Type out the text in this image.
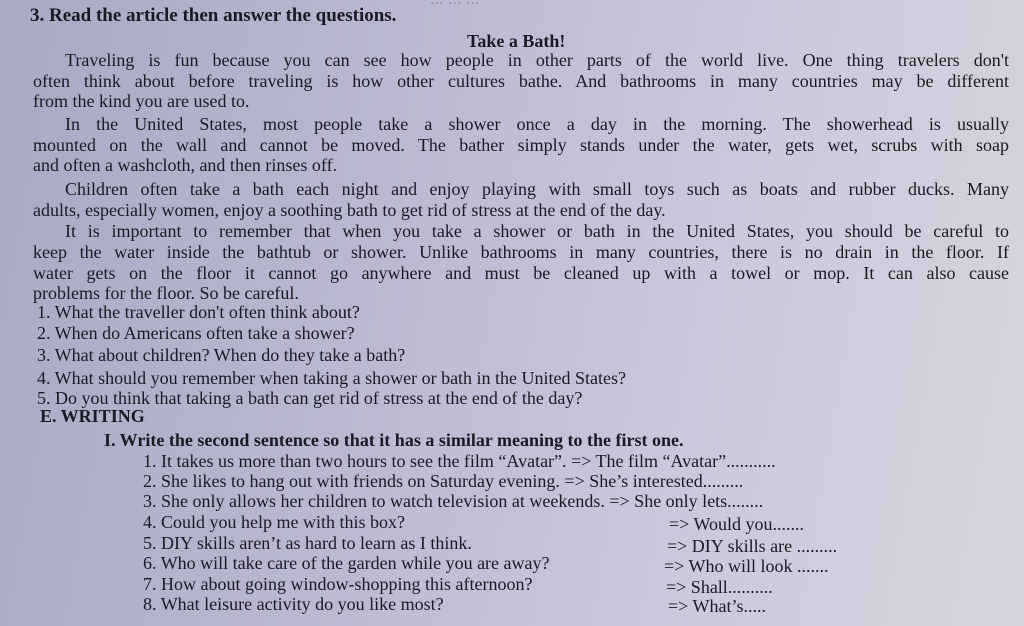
3. Read the article then answer the questions.
Take a Bath!
Traveling is fun because you can see how people in other parts of the world live. One thing travelers don't
often think about before traveling is how other cultures bathe. And bathrooms in many countries may be different
from the kind you are used to.
In the United States, most people take a shower once a day in the morning. The showerhead is usually
mounted on the wall and cannot be moved. The bather simply stands under the water, gets wet, scrubs with soap
and often a washcloth, and then rinses off.
Children often take a bath each night and enjoy playing with small toys such as boats and rubber ducks. Many
adults, especially women, enjoy a soothing bath to get rid of stress at the end of the day.
It is important to remember that when you take a shower or bath in the United States, you should be careful to
keep the water inside the bathtub or shower. Unlike bathrooms in many countries, there is no drain in the floor. If
water gets on the floor it cannot go anywhere and must be cleaned up with a towel or mop. It can also cause
problems for the floor. So be careful.
1. What the traveller don't often think about?
2. When do Americans often take a shower?
3. What about children? When do they take a bath?
4. What should you remember when taking a shower or bath in the United States?
5. Do you think that taking a bath can get rid of stress at the end of the day?
E. WRITING
I. Write the second sentence so that it has a similar meaning to the first one.
1. It takes us more than two hours to see the film “Avatar”. => The film “Avatar”...........
2. She likes to hang out with friends on Saturday evening. => She’s interested.........
3. She only allows her children to watch television at weekends. => She only lets........
4. Could you help me with this box?	=> Would you.......
5. DIY skills aren’t as hard to learn as I think.	=> DIY skills are .........
6. Who will take care of the garden while you are away?	=> Who will look .......
7. How about going window-shopping this afternoon?	=> Shall..........
8. What leisure activity do you like most?	=> What’s.....
